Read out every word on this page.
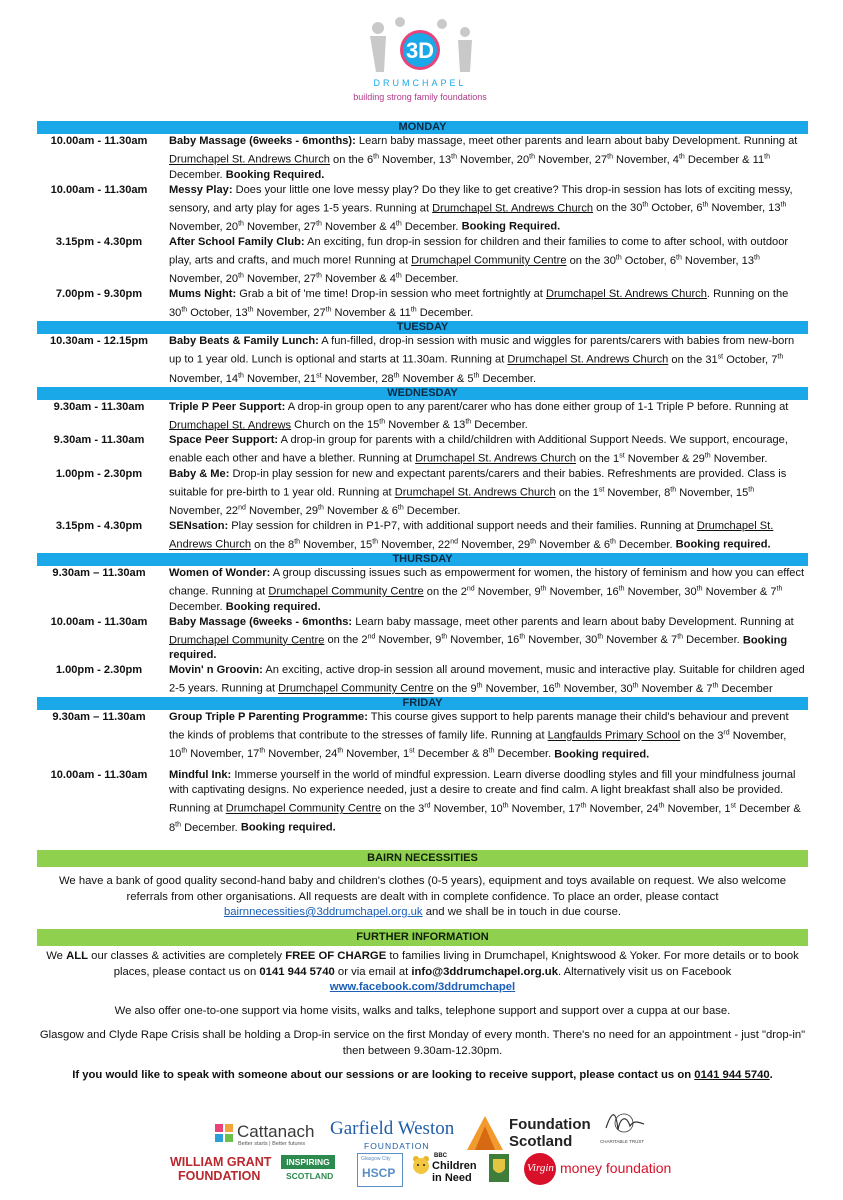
3D
DRUMCHAPEL
building strong family foundations
MONDAY
10.00am - 11.30am	Baby Massage (6weeks - 6months): Learn baby massage, meet other parents and learn about baby Development. Running at Drumchapel St. Andrews Church on the 6th November, 13th November, 20th November, 27th November, 4th December & 11th December. Booking Required.
10.00am - 11.30am	Messy Play: Does your little one love messy play? Do they like to get creative? This drop-in session has lots of exciting messy, sensory, and arty play for ages 1-5 years. Running at Drumchapel St. Andrews Church on the 30th October, 6th November, 13th November, 20th November, 27th November & 4th December. Booking Required.
3.15pm - 4.30pm	After School Family Club: An exciting, fun drop-in session for children and their families to come to after school, with outdoor play, arts and crafts, and much more! Running at Drumchapel Community Centre on the 30th October, 6th November, 13th November, 20th November, 27th November & 4th December.
7.00pm - 9.30pm	Mums Night: Grab a bit of 'me time! Drop-in session who meet fortnightly at Drumchapel St. Andrews Church. Running on the 30th October, 13th November, 27th November & 11th December.
TUESDAY
10.30am - 12.15pm	Baby Beats & Family Lunch: A fun-filled, drop-in session with music and wiggles for parents/carers with babies from new-born up to 1 year old. Lunch is optional and starts at 11.30am. Running at Drumchapel St. Andrews Church on the 31st October, 7th November, 14th November, 21st November, 28th November & 5th December.
WEDNESDAY
9.30am - 11.30am	Triple P Peer Support: A drop-in group open to any parent/carer who has done either group of 1-1 Triple P before. Running at Drumchapel St. Andrews Church on the 15th November & 13th December.
9.30am - 11.30am	Space Peer Support: A drop-in group for parents with a child/children with Additional Support Needs. We support, encourage, enable each other and have a blether. Running at Drumchapel St. Andrews Church on the 1st November & 29th November.
1.00pm - 2.30pm	Baby & Me: Drop-in play session for new and expectant parents/carers and their babies. Refreshments are provided. Class is suitable for pre-birth to 1 year old. Running at Drumchapel St. Andrews Church on the 1st November, 8th November, 15th November, 22nd November, 29th November & 6th December.
3.15pm - 4.30pm	SENsation: Play session for children in P1-P7, with additional support needs and their families. Running at Drumchapel St. Andrews Church on the 8th November, 15th November, 22nd November, 29th November & 6th December. Booking required.
THURSDAY
9.30am – 11.30am	Women of Wonder: A group discussing issues such as empowerment for women, the history of feminism and how you can effect change. Running at Drumchapel Community Centre on the 2nd November, 9th November, 16th November, 30th November & 7th December. Booking required.
10.00am - 11.30am	Baby Massage (6weeks - 6months: Learn baby massage, meet other parents and learn about baby Development. Running at Drumchapel Community Centre on the 2nd November, 9th November, 16th November, 30th November & 7th December. Booking required.
1.00pm - 2.30pm	Movin' n Groovin: An exciting, active drop-in session all around movement, music and interactive play. Suitable for children aged 2-5 years. Running at Drumchapel Community Centre on the 9th November, 16th November, 30th November & 7th December
FRIDAY
9.30am – 11.30am	Group Triple P Parenting Programme: This course gives support to help parents manage their child's behaviour and prevent the kinds of problems that contribute to the stresses of family life. Running at Langfaulds Primary School on the 3rd November, 10th November, 17th November, 24th November, 1st December & 8th December. Booking required.
10.00am - 11.30am	Mindful Ink: Immerse yourself in the world of mindful expression. Learn diverse doodling styles and fill your mindfulness journal with captivating designs. No experience needed, just a desire to create and find calm. A light breakfast shall also be provided. Running at Drumchapel Community Centre on the 3rd November, 10th November, 17th November, 24th November, 1st December & 8th December. Booking required.
BAIRN NECESSITIES
We have a bank of good quality second-hand baby and children's clothes (0-5 years), equipment and toys available on request. We also welcome referrals from other organisations. All requests are dealt with in complete confidence. To place an order, please contact
bairnnecessities@3ddrumchapel.org.uk and we shall be in touch in due course.
FURTHER INFORMATION
We ALL our classes & activities are completely FREE OF CHARGE to families living in Drumchapel, Knightswood & Yoker. For more details or to book places, please contact us on 0141 944 5740 or via email at info@3ddrumchapel.org.uk. Alternatively visit us on Facebook
www.facebook.com/3ddrumchapel
We also offer one-to-one support via home visits, walks and talks, telephone support and support over a cuppa at our base.
Glasgow and Clyde Rape Crisis shall be holding a Drop-in service on the first Monday of every month. There's no need for an appointment - just "drop-in" then between 9.30am-12.30pm.
If you would like to speak with someone about our sessions or are looking to receive support, please contact us on 0141 944 5740.
Cattanach
Better starts | Better futures
Garfield Weston
FOUNDATION
Foundation
Scotland	CHARITABLE TRUST
WILLIAM GRANT
FOUNDATION
INSPIRING
SCOTLAND
Glasgow City
HSCP
BBC
Children
in Need
Virgin money foundation
